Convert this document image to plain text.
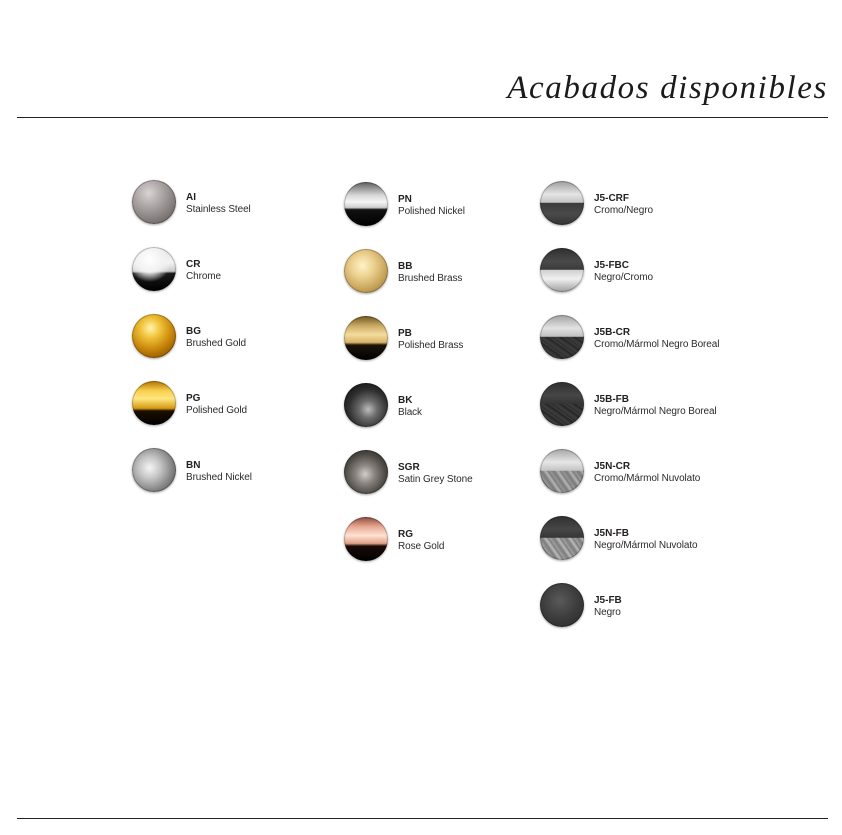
Acabados disponibles
AI
Stainless Steel
CR
Chrome
BG
Brushed Gold
PG
Polished Gold
BN
Brushed Nickel
PN
Polished Nickel
BB
Brushed Brass
PB
Polished Brass
BK
Black
SGR
Satin Grey Stone
RG
Rose Gold
J5-CRF
Cromo/Negro
J5-FBC
Negro/Cromo
J5B-CR
Cromo/Mármol Negro Boreal
J5B-FB
Negro/Mármol Negro Boreal
J5N-CR
Cromo/Mármol Nuvolato
J5N-FB
Negro/Mármol Nuvolato
J5-FB
Negro
